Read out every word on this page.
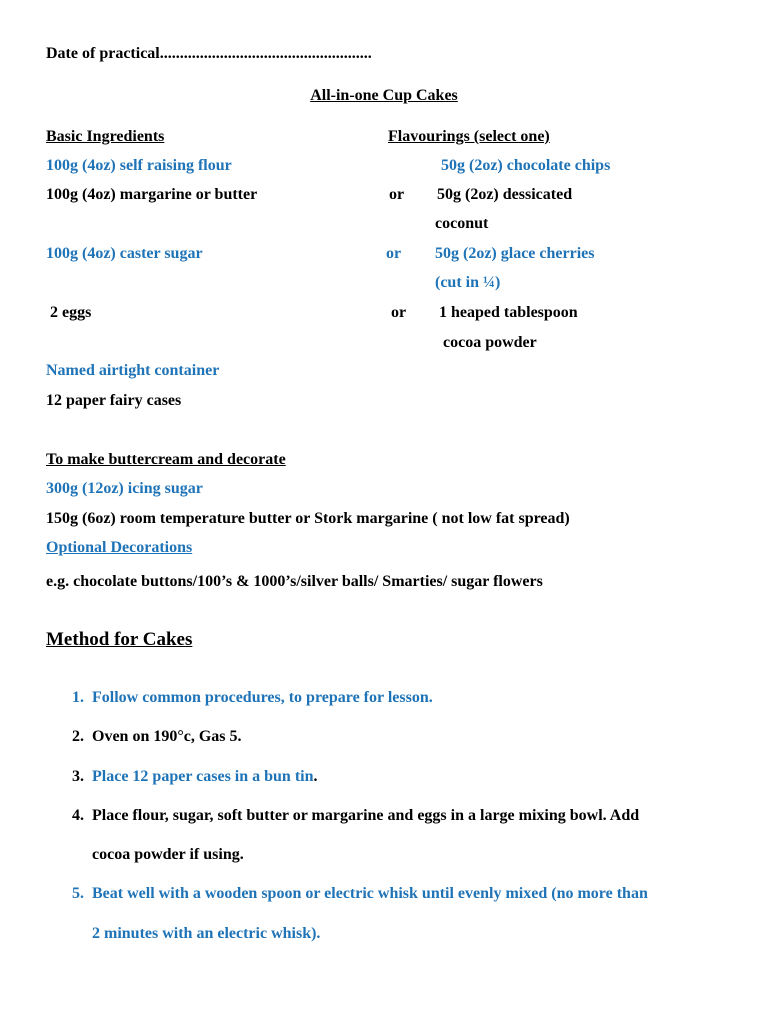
Date of practical.....................................................
All-in-one Cup Cakes
Basic Ingredients
100g (4oz) self raising flour
100g (4oz) margarine or butter
100g (4oz) caster sugar
2 eggs
Named airtight container
12 paper fairy cases
Flavourings (select one)
50g (2oz) chocolate chips
or 50g (2oz) dessicated
coconut
or 50g (2oz) glace cherries
(cut in ¼)
or 1 heaped tablespoon
cocoa powder
To make buttercream and decorate
300g (12oz) icing sugar
150g (6oz) room temperature butter or Stork margarine ( not low fat spread)
Optional Decorations
e.g. chocolate buttons/100’s & 1000’s/silver balls/ Smarties/ sugar flowers
Method for Cakes
1. Follow common procedures, to prepare for lesson.
2. Oven on 190°c, Gas 5.
3. Place 12 paper cases in a bun tin.
4. Place flour, sugar, soft butter or margarine and eggs in a large mixing bowl. Add
cocoa powder if using.
5. Beat well with a wooden spoon or electric whisk until evenly mixed (no more than
2 minutes with an electric whisk).
